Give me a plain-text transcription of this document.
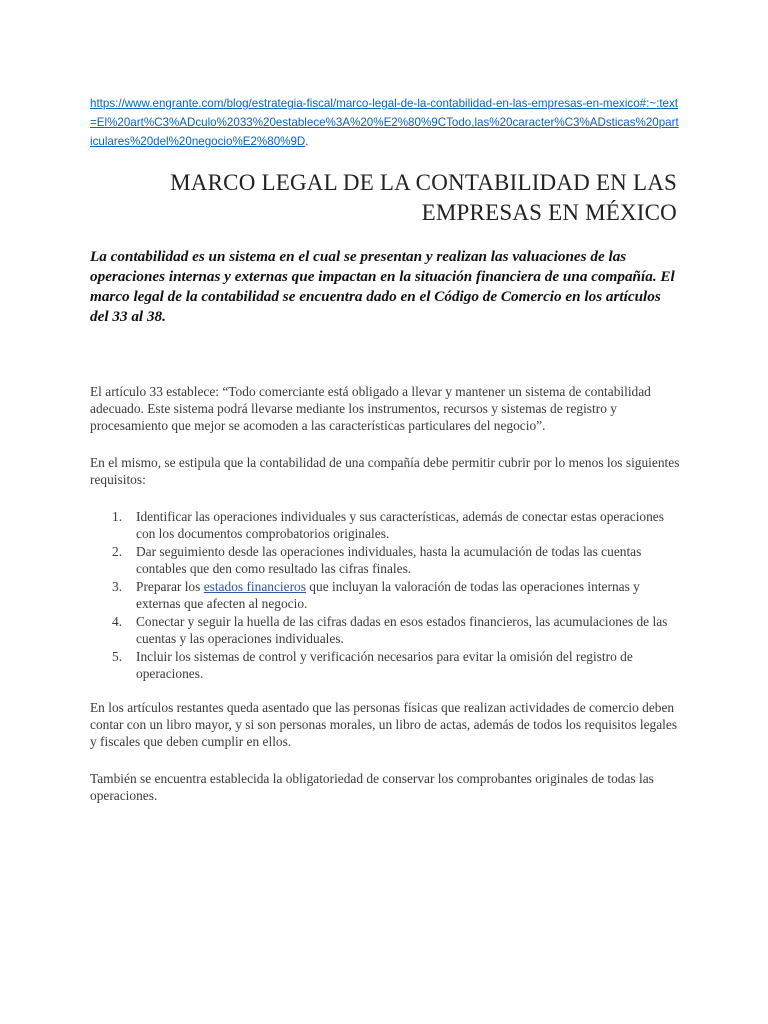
https://www.engrante.com/blog/estrategia-fiscal/marco-legal-de-la-contabilidad-en-las-empresas-en-mexico#:~:text=El%20art%C3%ADculo%2033%20establece%3A%20%E2%80%9CTodo,las%20caracter%C3%ADsticas%20particulares%20del%20negocio%E2%80%9D.
MARCO LEGAL DE LA CONTABILIDAD EN LAS EMPRESAS EN MÉXICO

La contabilidad es un sistema en el cual se presentan y realizan las valuaciones de las operaciones internas y externas que impactan en la situación financiera de una compañía. El marco legal de la contabilidad se encuentra dado en el Código de Comercio en los artículos del 33 al 38.

El artículo 33 establece: “Todo comerciante está obligado a llevar y mantener un sistema de contabilidad adecuado. Este sistema podrá llevarse mediante los instrumentos, recursos y sistemas de registro y procesamiento que mejor se acomoden a las características particulares del negocio”.

En el mismo, se estipula que la contabilidad de una compañía debe permitir cubrir por lo menos los siguientes requisitos:

1. Identificar las operaciones individuales y sus características, además de conectar estas operaciones con los documentos comprobatorios originales.
2. Dar seguimiento desde las operaciones individuales, hasta la acumulación de todas las cuentas contables que den como resultado las cifras finales.
3. Preparar los estados financieros que incluyan la valoración de todas las operaciones internas y externas que afecten al negocio.
4. Conectar y seguir la huella de las cifras dadas en esos estados financieros, las acumulaciones de las cuentas y las operaciones individuales.
5. Incluir los sistemas de control y verificación necesarios para evitar la omisión del registro de operaciones.

En los artículos restantes queda asentado que las personas físicas que realizan actividades de comercio deben contar con un libro mayor, y si son personas morales, un libro de actas, además de todos los requisitos legales y fiscales que deben cumplir en ellos.

También se encuentra establecida la obligatoriedad de conservar los comprobantes originales de todas las operaciones.
